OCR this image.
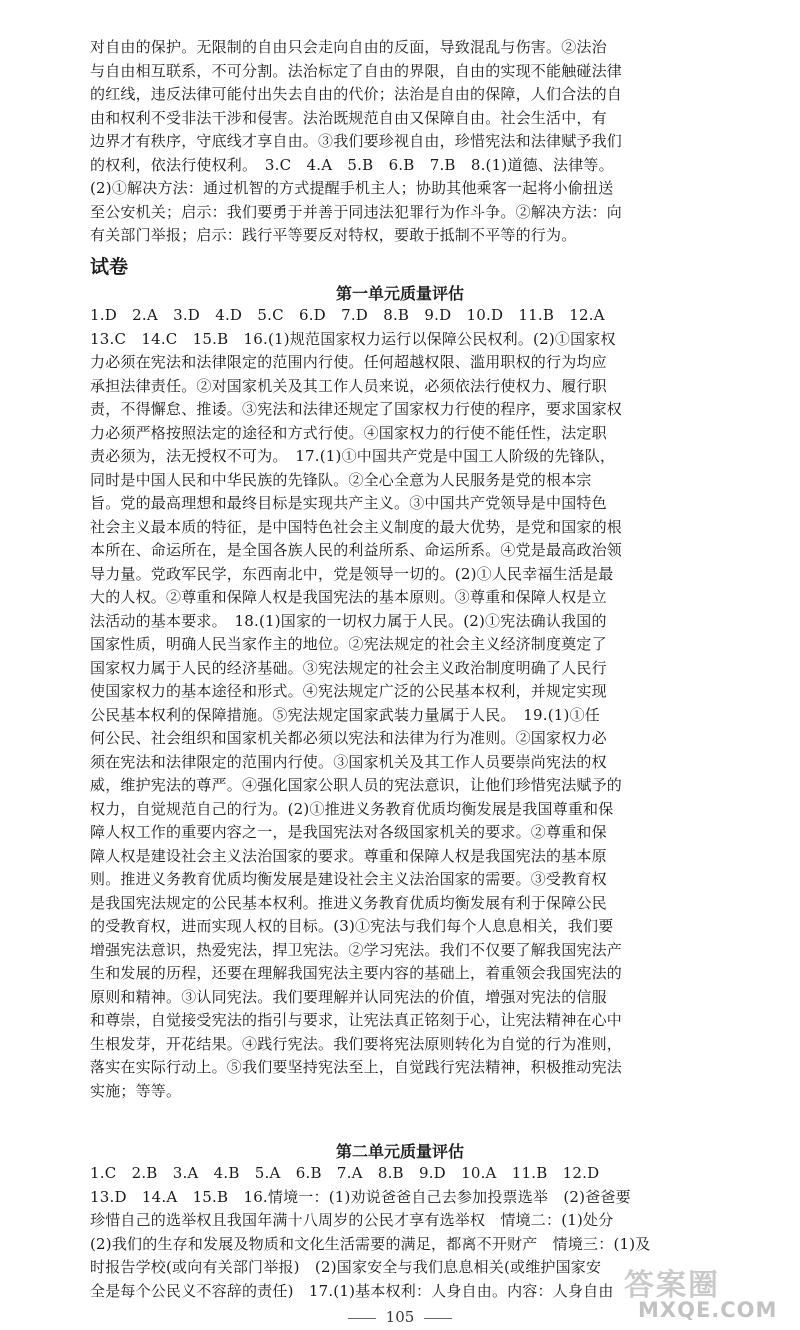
对自由的保护。无限制的自由只会走向自由的反面，导致混乱与伤害。②法治
与自由相互联系，不可分割。法治标定了自由的界限，自由的实现不能触碰法律
的红线，违反法律可能付出失去自由的代价；法治是自由的保障，人们合法的自
由和权利不受非法干涉和侵害。法治既规范自由又保障自由。社会生活中，有
边界才有秩序，守底线才享自由。③我们要珍视自由，珍惜宪法和法律赋予我们
的权利，依法行使权利。　3.C　4.A　5.B　6.B　7.B　8.(1)道德、法律等。
(2)①解决方法：通过机智的方式提醒手机主人；协助其他乘客一起将小偷扭送
至公安机关；启示：我们要勇于并善于同违法犯罪行为作斗争。②解决方法：向
有关部门举报；启示：践行平等要反对特权，要敢于抵制不平等的行为。
试卷
第一单元质量评估
1.D　2.A　3.D　4.D　5.C　6.D　7.D　8.B　9.D　10.D　11.B　12.A
13.C　14.C　15.B　16.(1)规范国家权力运行以保障公民权利。(2)①国家权
力必须在宪法和法律限定的范围内行使。任何超越权限、滥用职权的行为均应
承担法律责任。②对国家机关及其工作人员来说，必须依法行使权力、履行职
责，不得懈怠、推诿。③宪法和法律还规定了国家权力行使的程序，要求国家权
力必须严格按照法定的途径和方式行使。④国家权力的行使不能任性，法定职
责必须为，法无授权不可为。　17.(1)①中国共产党是中国工人阶级的先锋队，
同时是中国人民和中华民族的先锋队。②全心全意为人民服务是党的根本宗
旨。党的最高理想和最终目标是实现共产主义。③中国共产党领导是中国特色
社会主义最本质的特征，是中国特色社会主义制度的最大优势，是党和国家的根
本所在、命运所在，是全国各族人民的利益所系、命运所系。④党是最高政治领
导力量。党政军民学，东西南北中，党是领导一切的。(2)①人民幸福生活是最
大的人权。②尊重和保障人权是我国宪法的基本原则。③尊重和保障人权是立
法活动的基本要求。　18.(1)国家的一切权力属于人民。(2)①宪法确认我国的
国家性质，明确人民当家作主的地位。②宪法规定的社会主义经济制度奠定了
国家权力属于人民的经济基础。③宪法规定的社会主义政治制度明确了人民行
使国家权力的基本途径和形式。④宪法规定广泛的公民基本权利，并规定实现
公民基本权利的保障措施。⑤宪法规定国家武装力量属于人民。　19.(1)①任
何公民、社会组织和国家机关都必须以宪法和法律为行为准则。②国家权力必
须在宪法和法律限定的范围内行使。③国家机关及其工作人员要崇尚宪法的权
威，维护宪法的尊严。④强化国家公职人员的宪法意识，让他们珍惜宪法赋予的
权力，自觉规范自己的行为。(2)①推进义务教育优质均衡发展是我国尊重和保
障人权工作的重要内容之一，是我国宪法对各级国家机关的要求。②尊重和保
障人权是建设社会主义法治国家的要求。尊重和保障人权是我国宪法的基本原
则。推进义务教育优质均衡发展是建设社会主义法治国家的需要。③受教育权
是我国宪法规定的公民基本权利。推进义务教育优质均衡发展有利于保障公民
的受教育权，进而实现人权的目标。(3)①宪法与我们每个人息息相关，我们要
增强宪法意识，热爱宪法，捍卫宪法。②学习宪法。我们不仅要了解我国宪法产
生和发展的历程，还要在理解我国宪法主要内容的基础上，着重领会我国宪法的
原则和精神。③认同宪法。我们要理解并认同宪法的价值，增强对宪法的信服
和尊崇，自觉接受宪法的指引与要求，让宪法真正铭刻于心，让宪法精神在心中
生根发芽，开花结果。④践行宪法。我们要将宪法原则转化为自觉的行为准则，
落实在实际行动上。⑤我们要坚持宪法至上，自觉践行宪法精神，积极推动宪法
实施；等等。
第二单元质量评估
1.C　2.B　3.A　4.B　5.A　6.B　7.A　8.B　9.D　10.A　11.B　12.D
13.D　14.A　15.B　16.情境一：(1)劝说爸爸自己去参加投票选举　(2)爸爸要
珍惜自己的选举权且我国年满十八周岁的公民才享有选举权　情境二：(1)处分
(2)我们的生存和发展及物质和文化生活需要的满足，都离不开财产　情境三：(1)及
时报告学校(或向有关部门举报)　(2)国家安全与我们息息相关(或维护国家安
全是每个公民义不容辞的责任)　17.(1)基本权利：人身自由。内容：人身自由
105
答案圈
MXQE.COM
